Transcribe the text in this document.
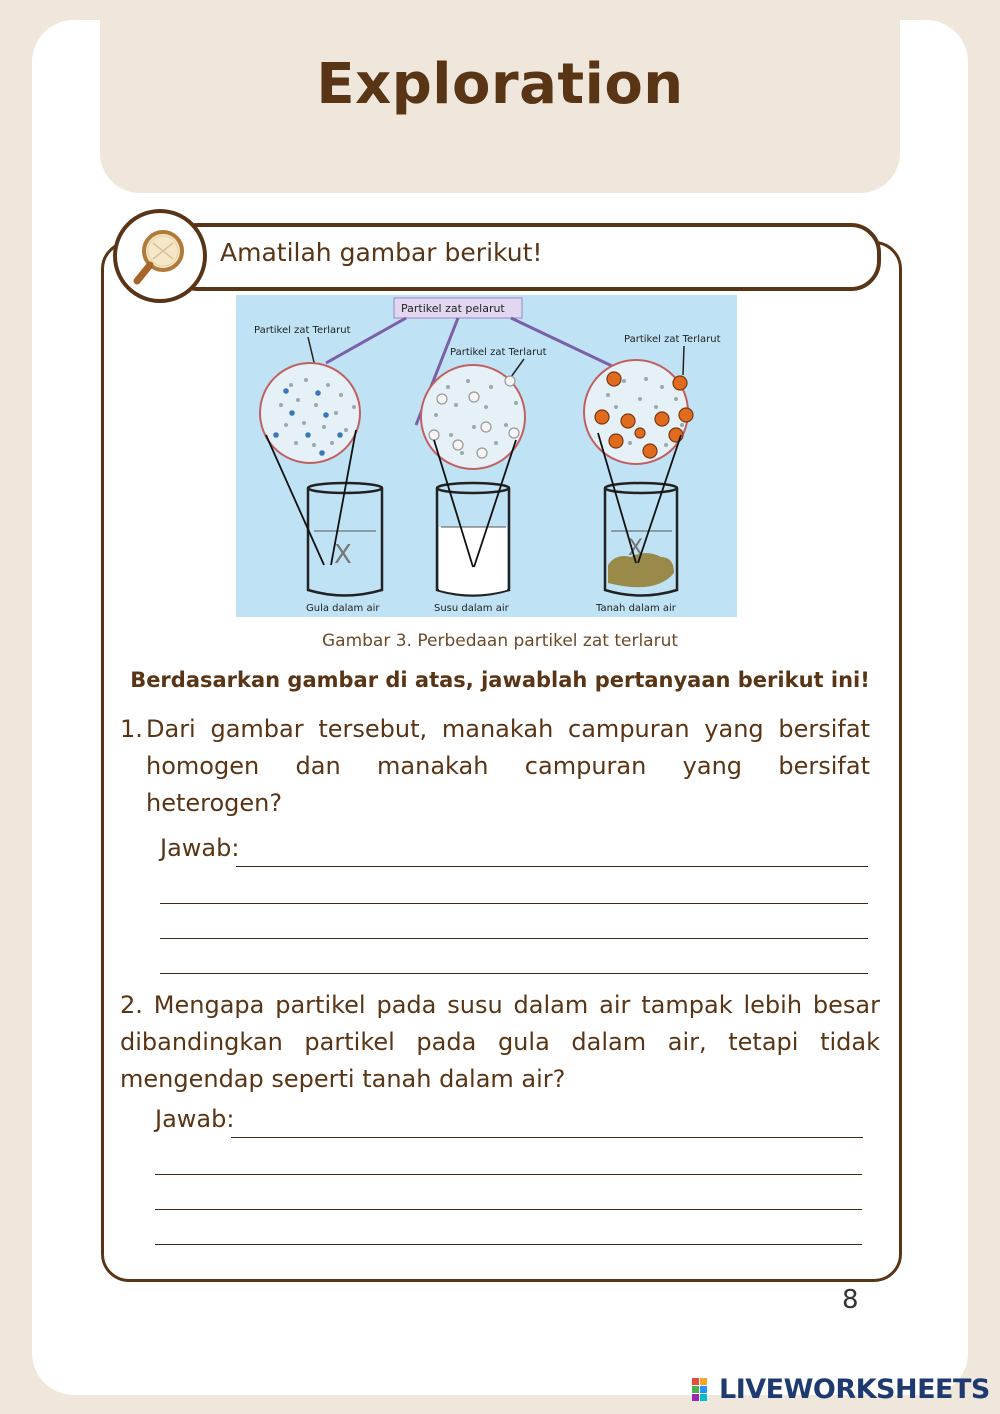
Exploration
Amatilah gambar berikut!
Partikel zat pelarut
Partikel zat Terlarut
Partikel zat Terlarut
Partikel zat Terlarut
X	X
Gula dalam air	Susu dalam air	Tanah dalam air
Gambar 3. Perbedaan partikel zat terlarut
Berdasarkan gambar di atas, jawablah pertanyaan berikut ini!
1. Dari gambar tersebut, manakah campuran yang bersifat homogen dan manakah campuran yang bersifat heterogen?
Jawab:
2. Mengapa partikel pada susu dalam air tampak lebih besar dibandingkan partikel pada gula dalam air, tetapi tidak mengendap seperti tanah dalam air?
Jawab:
8
LIVEWORKSHEETS
